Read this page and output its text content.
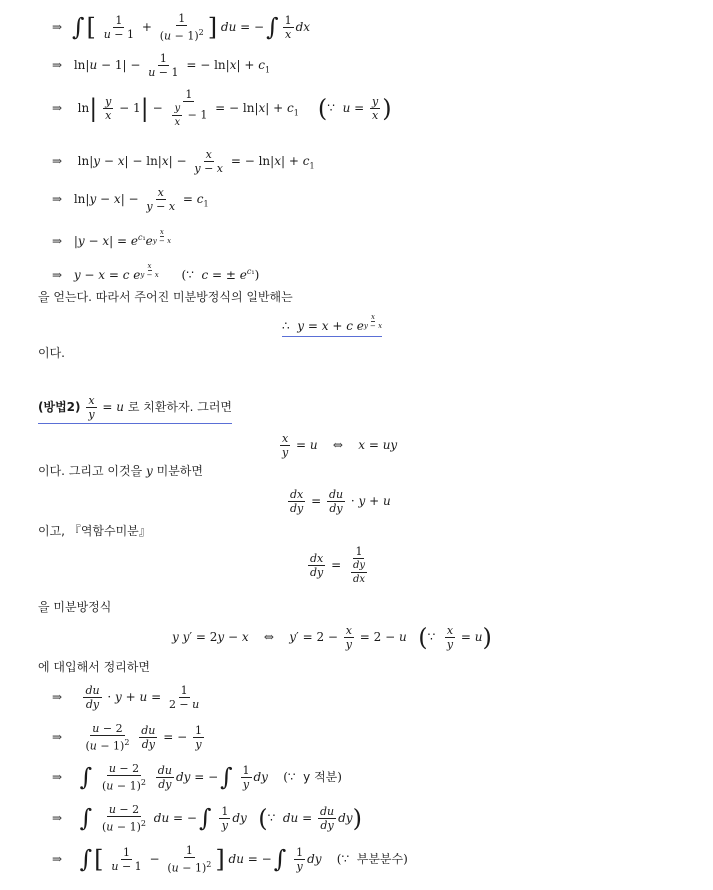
⇒ ∫[ $\frac{1}{u - 1} + \frac{1}{(u - 1)^2}$ ] du = −∫ $\frac{1}{x}$ dx
⇒ $\ln|u - 1| - \frac{1}{u - 1}$ = − $\ln|x| + c_1$
⇒  $\ln| \frac{y}{x} - 1| - \frac{1}{\frac{y}{x} - 1}$ = − $\ln|x| + c_1$ (∵  $u = \frac{y}{x}$ )
⇒  $\ln|y - x| - \ln|x| - \frac{x}{y - x}$ = − $\ln|x| + c_1$
⇒ $\ln|y - x| - \frac{x}{y - x} = c_1$
⇒ $|y - x| = e^{c_1}e \frac{x}{y - x}$
⇒ y − x = c e $\frac{x}{y - x}$ (∵  c = ± $e^{c_1}$)
을 얻는다. 따라서 주어진 미분방정식의 일반해는
∴  y = x + c e $\frac{x}{y - x}$
이다.
(방법$2) \frac{x}{y} = u$ 로 치환하자. 그러면
$\frac{x}{y} = u$    ⇔    x = uy
이다. 그리고 이것을 y 미분하면
$\frac{dx}{dy} = \frac{du}{dy} \cdot y + u$
이고, 『역함수미분』
$\frac{dx}{dy}$ =
1
$\frac{dy}{dx}$
을 미분방정식
y y′ = 2y − x    ⇔    $y' = 2 - \frac{x}{y} = 2 - u$ (∵ $\frac{x}{y} = u$)
에 대입해서 정리하면
⇒ $\frac{du}{dy} \cdot y + u = \frac{1}{2 - u}$
⇒ $\frac{u - 2}{(u - 1)^2}$
$\frac{du}{dy}$ = − $\frac{1}{y}$
⇒ ∫ $\frac{u - 2}{(u - 1)^2}$
$\frac{du}{dy}$ dy = −∫ $\frac{1}{y}$ dy    (∵  y 적분)
⇒ ∫ $\frac{u - 2}{(u - 1)^2}$ du = −∫ $\frac{1}{y}$ dy (∵  du = $\frac{du}{dy} dy$)
⇒ ∫[ $\frac{1}{u - 1} - \frac{1}{(u - 1)^2}$ ] du = −∫ $\frac{1}{y}$ dy    (∵  부분분수)
